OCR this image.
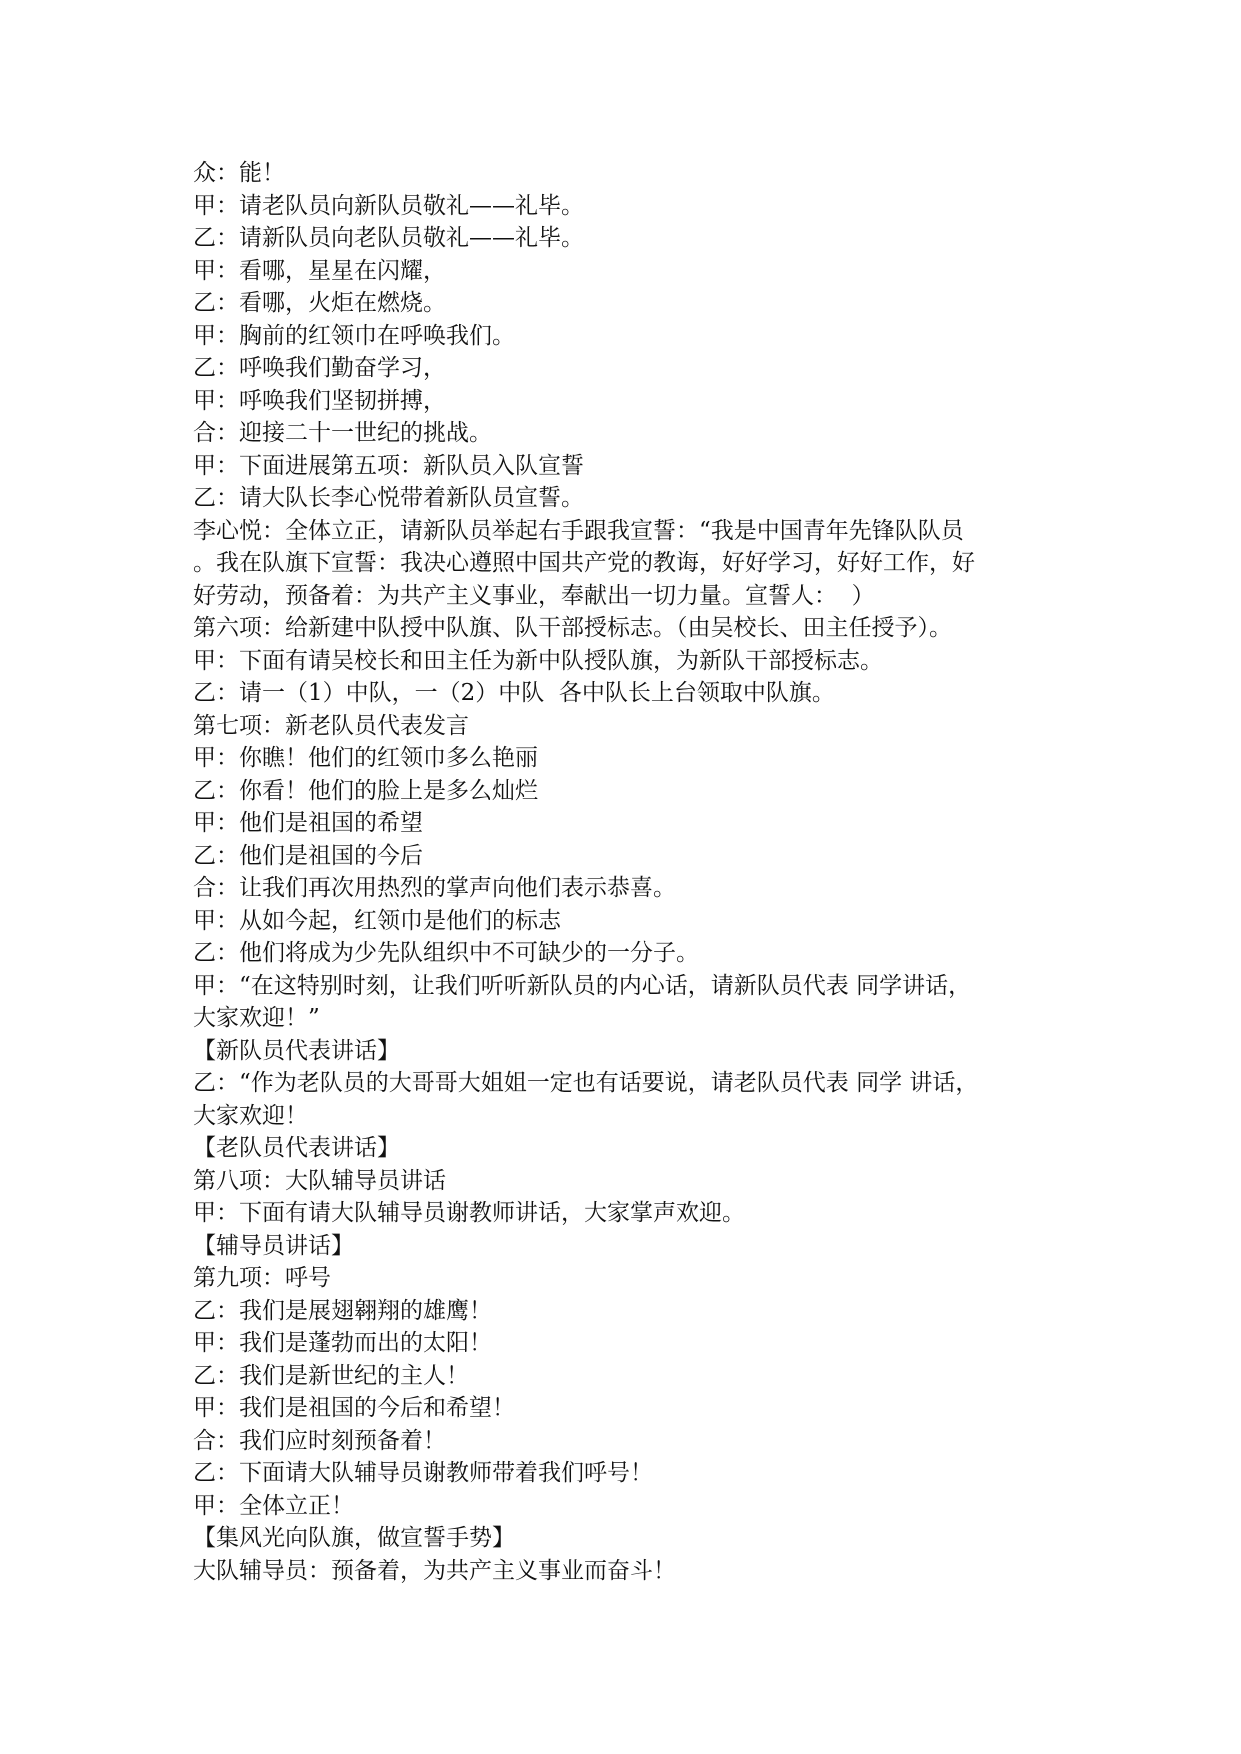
众：能！
甲：请老队员向新队员敬礼——礼毕。
乙：请新队员向老队员敬礼——礼毕。
甲：看哪，星星在闪耀，
乙：看哪，火炬在燃烧。
甲：胸前的红领巾在呼唤我们。
乙：呼唤我们勤奋学习，
甲：呼唤我们坚韧拼搏，
合：迎接二十一世纪的挑战。
甲：下面进展第五项：新队员入队宣誓
乙：请大队长李心悦带着新队员宣誓。
李心悦：全体立正，请新队员举起右手跟我宣誓：“我是中国青年先锋队队员
。我在队旗下宣誓：我决心遵照中国共产党的教诲，好好学习，好好工作，好
好劳动，预备着：为共产主义事业，奉献出一切力量。宣誓人：  ）
第六项：给新建中队授中队旗、队干部授标志。（由吴校长、田主任授予）。
甲：下面有请吴校长和田主任为新中队授队旗，为新队干部授标志。
乙：请一（1）中队，一（2）中队  各中队长上台领取中队旗。
第七项：新老队员代表发言
甲：你瞧！他们的红领巾多么艳丽
乙：你看！他们的脸上是多么灿烂
甲：他们是祖国的希望
乙：他们是祖国的今后
合：让我们再次用热烈的掌声向他们表示恭喜。
甲：从如今起，红领巾是他们的标志
乙：他们将成为少先队组织中不可缺少的一分子。
甲：“在这特别时刻，让我们听听新队员的内心话，请新队员代表 同学讲话，
大家欢迎！”
【新队员代表讲话】
乙：“作为老队员的大哥哥大姐姐一定也有话要说，请老队员代表 同学 讲话，
大家欢迎！
【老队员代表讲话】
第八项：大队辅导员讲话
甲：下面有请大队辅导员谢教师讲话，大家掌声欢迎。
【辅导员讲话】
第九项：呼号
乙：我们是展翅翱翔的雄鹰！
甲：我们是蓬勃而出的太阳！
乙：我们是新世纪的主人！
甲：我们是祖国的今后和希望！
合：我们应时刻预备着！
乙：下面请大队辅导员谢教师带着我们呼号！
甲：全体立正！
【集风光向队旗，做宣誓手势】
大队辅导员：预备着，为共产主义事业而奋斗！
